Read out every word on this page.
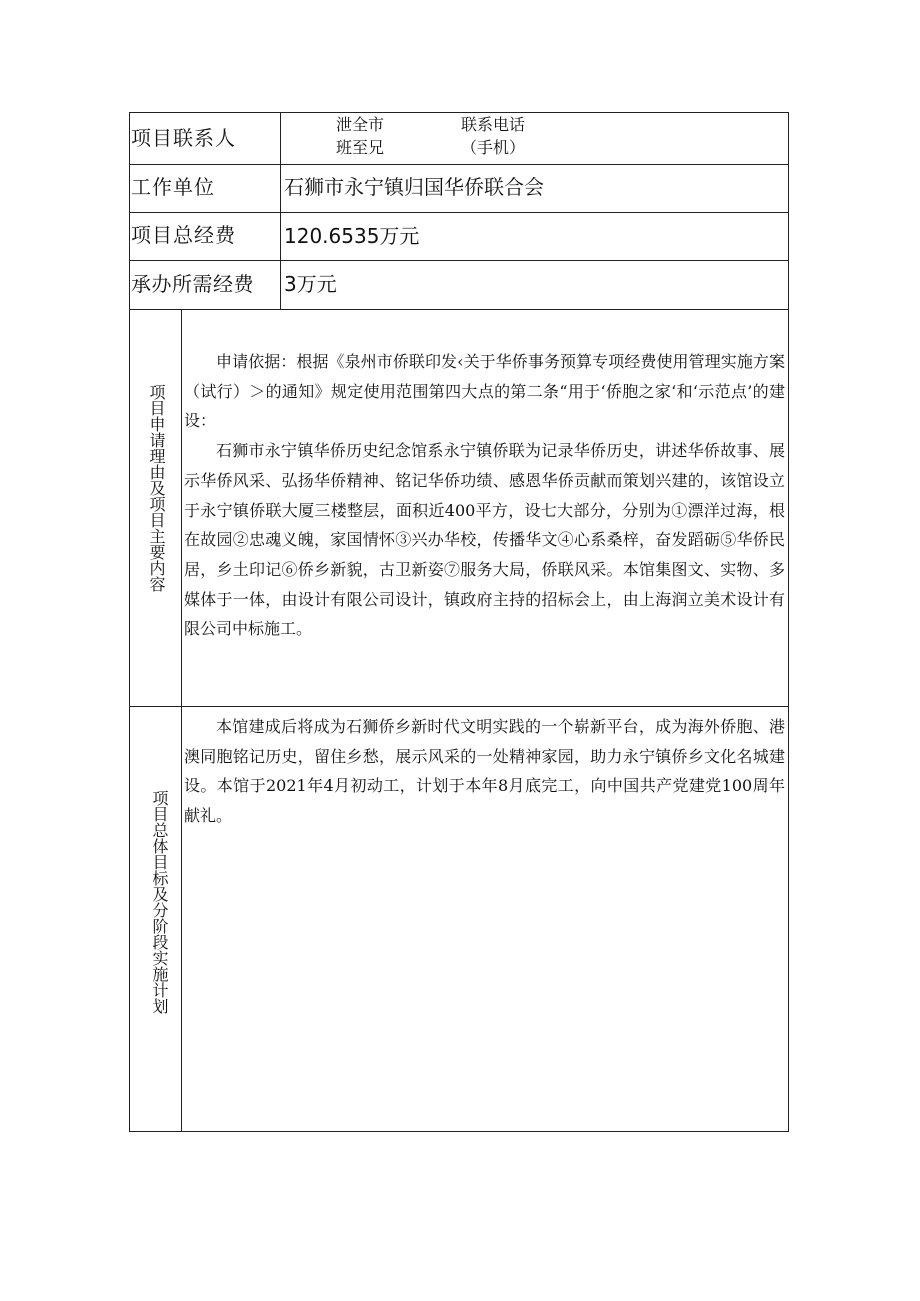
项目联系人
泄全市
班至兄
联系电话
（手机）
工作单位	石狮市永宁镇归国华侨联合会
项目总经费 120.6535万元
承办所需经费 3万元
项目申请理由及项目主要内容

申请依据：根据《泉州市侨联印发‹关于华侨事务预算专项经费使用管理实施方案（试行）＞的通知》规定使用范围第四大点的第二条“用于‘侨胞之家‘和‘示范点’的建设：

石狮市永宁镇华侨历史纪念馆系永宁镇侨联为记录华侨历史，讲述华侨故事、展示华侨风采、弘扬华侨精神、铭记华侨功绩、感恩华侨贡献而策划兴建的，该馆设立于永宁镇侨联大厦三楼整层，面积近400平方，设七大部分，分别为①漂洋过海，根在故园②忠魂义魄，家国情怀③兴办华校，传播华文④心系桑梓，奋发蹈砺⑤华侨民居，乡土印记⑥侨乡新貌，古卫新姿⑦服务大局，侨联风采。本馆集图文、实物、多媒体于一体，由设计有限公司设计，镇政府主持的招标会上，由上海润立美术设计有限公司中标施工。

项目总体目标及分阶段实施计划

本馆建成后将成为石狮侨乡新时代文明实践的一个崭新平台，成为海外侨胞、港澳同胞铭记历史，留住乡愁，展示风采的一处精神家园，助力永宁镇侨乡文化名城建设。本馆于2021年4月初动工，计划于本年8月底完工，向中国共产党建党100周年献礼。
